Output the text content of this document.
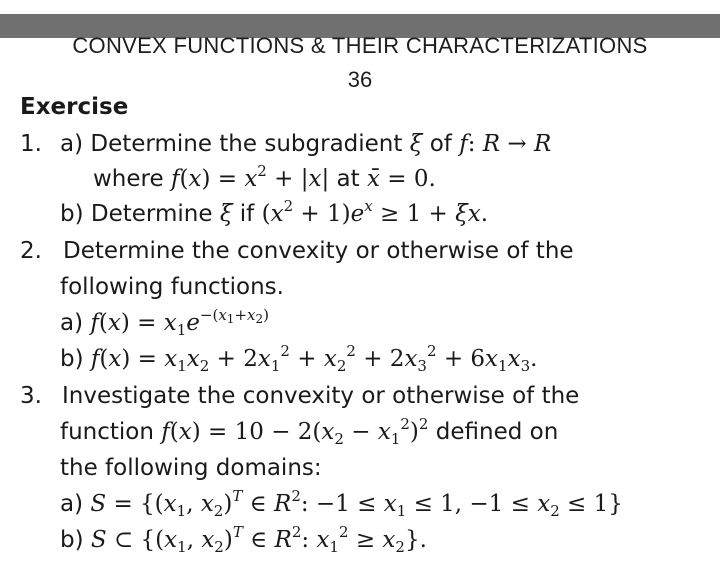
CONVEX FUNCTIONS & THEIR CHARACTERIZATIONS
36
Exercise
1. a) Determine the subgradient ξ of f: R → R
where $f(x) = x^2 + |x|$ at x̄ = 0.
b) Determine ξ if $(x^2 + 1)e^x \ge 1 + \xi x$.
2. Determine the convexity or otherwise of the
following functions.
a) $f(x) = x_1e^{-(x_1+x_2)}$
b) $f(x) = x_1x_2 + 2x_1^2 + x_2^2 + 2x_3^2 + 6x_1x_3$.
3. Investigate the convexity or otherwise of the
function $f(x) = 10 - 2(x_2 - x_1^2)^2$ defined on
the following domains:
a) $S = \{(x_1$, $x_2)^T$ ∈ $R^2$: $-1 \le x_1 \le 1$, $-1 \le x_2 \le 1$}
b) S ⊂ {($x_1$, $x_2)^T$ ∈ $R^2$: $x_1^2 \ge x_2$}.
